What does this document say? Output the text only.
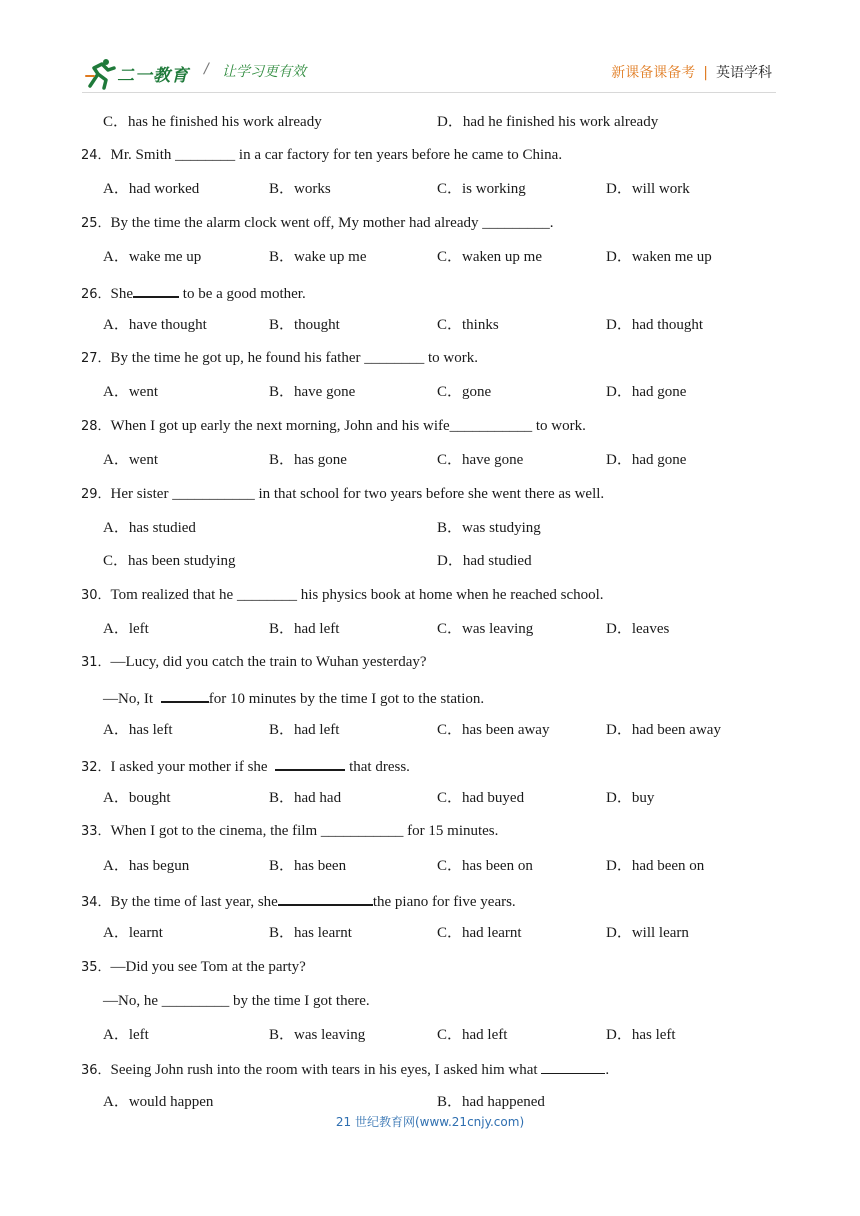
二一教育 / 让学习更有效	新课备课备考 | 英语学科
C．has he finished his work already	D．had he finished his work already
24．Mr. Smith ________ in a car factory for ten years before he came to China.
A．had worked	B．works	C．is working	D．will work
25．By the time the alarm clock went off, My mother had already _________.
A．wake me up	B．wake up me	C．waken up me	D．waken me up
26．She	to be a good mother.
A．have thought	B．thought	C．thinks	D．had thought
27．By the time he got up, he found his father ________ to work.
A．went	B．have gone	C．gone	D．had gone
28．When I got up early the next morning, John and his wife___________ to work.
A．went	B．has gone	C．have gone	D．had gone
29．Her sister ___________ in that school for two years before she went there as well.
A．has studied	B．was studying
C．has been studying	D．had studied
30．Tom realized that he ________ his physics book at home when he reached school.
A．left	B．had left	C．was leaving	D．leaves
31．—Lucy, did you catch the train to Wuhan yesterday?
—No, It	for 10 minutes by the time I got to the station.
A．has left	B．had left	C．has been away	D．had been away
32．I asked your mother if she	that dress.
A．bought	B．had had	C．had buyed	D．buy
33．When I got to the cinema, the film ___________ for 15 minutes.
A．has begun	B．has been	C．has been on	D．had been on
34．By the time of last year, she	the piano for five years.
A．learnt	B．has learnt	C．had learnt	D．will learn
35．—Did you see Tom at the party?
—No, he _________ by the time I got there.
A．left	B．was leaving	C．had left	D．has left
36．Seeing John rush into the room with tears in his eyes, I asked him what	.
A．would happen	B．had happened
21 世纪教育网(www.21cnjy.com)
